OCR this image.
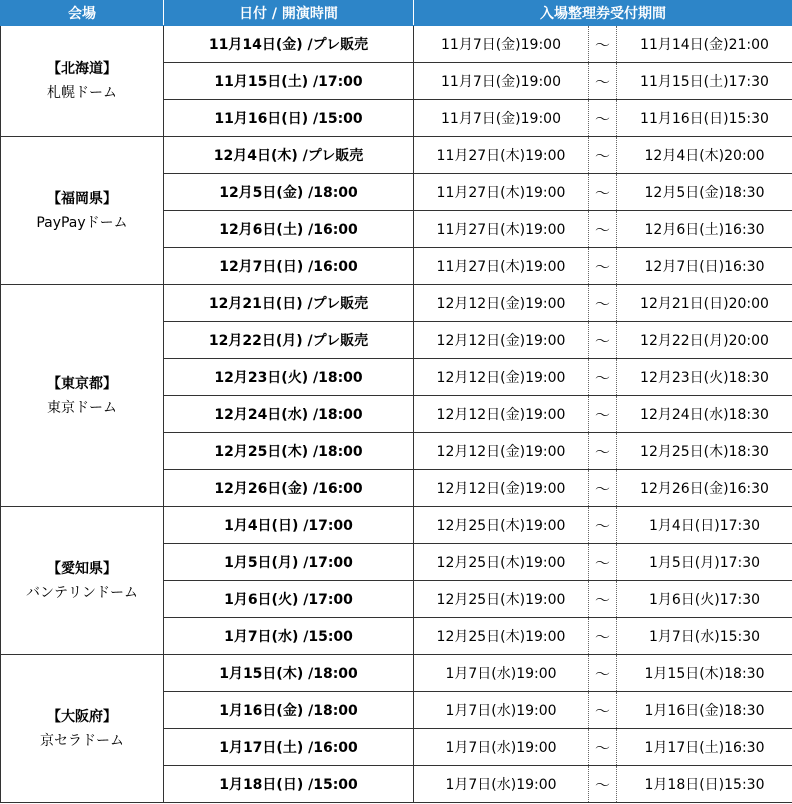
会場	日付 / 開演時間	入場整理券受付期間		

【北海道】
札幌ドーム	11月14日(金) /プレ販売	11月7日(金)19:00	～	11月14日(金)21:00
	11月15日(土) /17:00	11月7日(金)19:00	～	11月15日(土)17:30
	11月16日(日) /15:00	11月7日(金)19:00	～	11月16日(日)15:30

【福岡県】
PayPayドーム	12月4日(木) /プレ販売	11月27日(木)19:00	～	12月4日(木)20:00
	12月5日(金) /18:00	11月27日(木)19:00	～	12月5日(金)18:30
	12月6日(土) /16:00	11月27日(木)19:00	～	12月6日(土)16:30
	12月7日(日) /16:00	11月27日(木)19:00	～	12月7日(日)16:30

【東京都】
東京ドーム	12月21日(日) /プレ販売	12月12日(金)19:00	～	12月21日(日)20:00
	12月22日(月) /プレ販売	12月12日(金)19:00	～	12月22日(月)20:00
	12月23日(火) /18:00	12月12日(金)19:00	～	12月23日(火)18:30
	12月24日(水) /18:00	12月12日(金)19:00	～	12月24日(水)18:30
	12月25日(木) /18:00	12月12日(金)19:00	～	12月25日(木)18:30
	12月26日(金) /16:00	12月12日(金)19:00	～	12月26日(金)16:30

【愛知県】
バンテリンドーム	1月4日(日) /17:00	12月25日(木)19:00	～	1月4日(日)17:30
	1月5日(月) /17:00	12月25日(木)19:00	～	1月5日(月)17:30
	1月6日(火) /17:00	12月25日(木)19:00	～	1月6日(火)17:30
	1月7日(水) /15:00	12月25日(木)19:00	～	1月7日(水)15:30

【大阪府】
京セラドーム	1月15日(木) /18:00	1月7日(水)19:00	～	1月15日(木)18:30
	1月16日(金) /18:00	1月7日(水)19:00	～	1月16日(金)18:30
	1月17日(土) /16:00	1月7日(水)19:00	～	1月17日(土)16:30
	1月18日(日) /15:00	1月7日(水)19:00	～	1月18日(日)15:30
